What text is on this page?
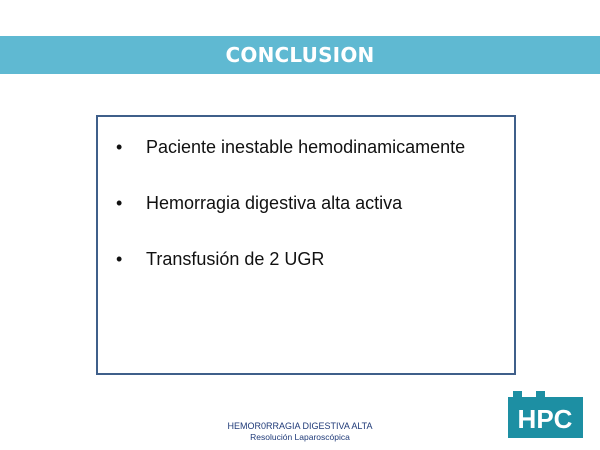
CONCLUSION
•	Paciente inestable hemodinamicamente
•	Hemorragia digestiva alta activa
•	Transfusión de 2 UGR
HEMOR0RRAGIA DIGESTIVA ALTA
Resolución Laparoscópica
HPC
